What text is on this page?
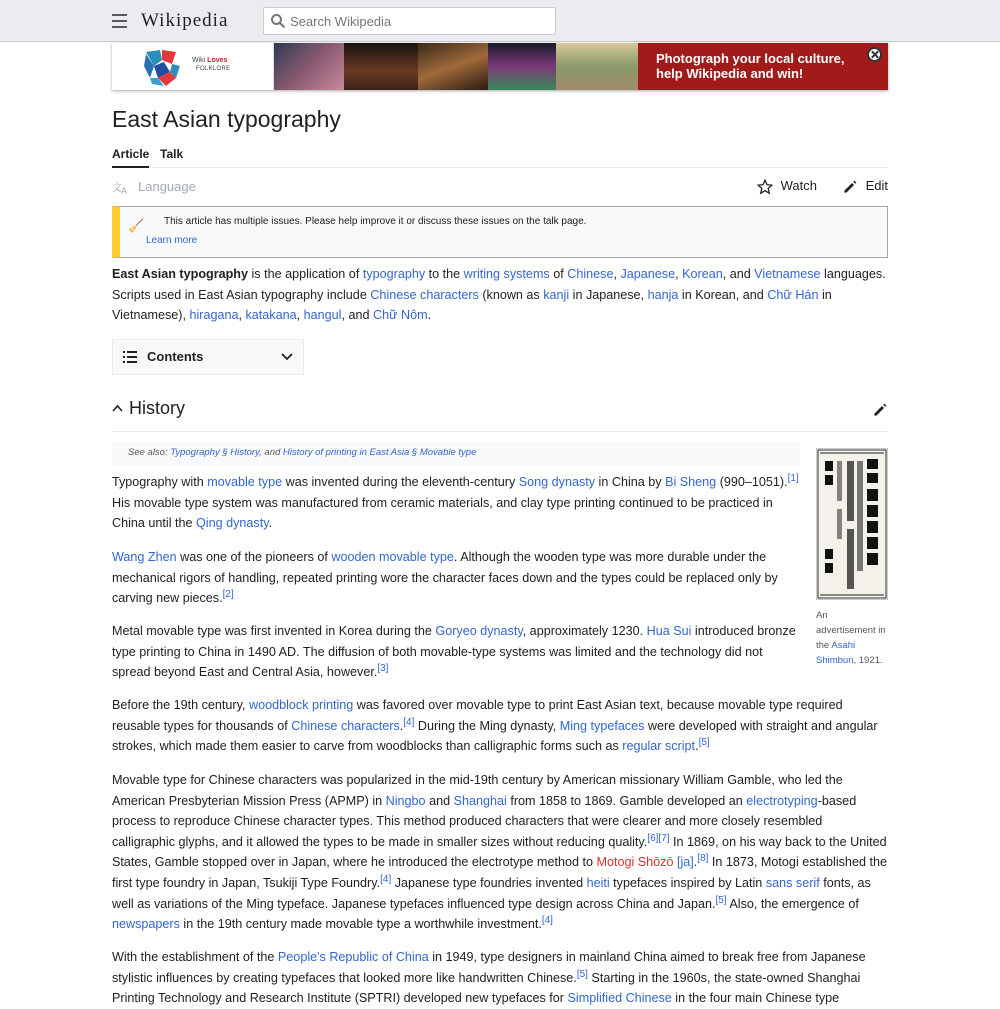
Wikipedia
Search Wikipedia
Wiki Loves
FOLKLORE
Photograph your local culture,
help Wikipedia and win!
East Asian typography
Article Talk
文 A Language	Watch	Edit
🧹 This article has multiple issues. Please help improve it or discuss these issues on the talk page.
Learn more
East Asian typography is the application of typography to the writing systems of Chinese, Japanese, Korean, and Vietnamese languages. Scripts used in East Asian typography include Chinese characters (known as kanji in Japanese, hanja in Korean, and Chữ Hán in Vietnamese), hiragana, katakana, hangul, and Chữ Nôm.
Contents
History
See also: Typography § History, and History of printing in East Asia § Movable type
An advertisement in the Asahi Shimbun, 1921.
Typography with movable type was invented during the eleventh-century Song dynasty in China by Bi Sheng (990–1051).[1] His movable type system was manufactured from ceramic materials, and clay type printing continued to be practiced in China until the Qing dynasty.
Wang Zhen was one of the pioneers of wooden movable type. Although the wooden type was more durable under the mechanical rigors of handling, repeated printing wore the character faces down and the types could be replaced only by carving new pieces.[2]
Metal movable type was first invented in Korea during the Goryeo dynasty, approximately 1230. Hua Sui introduced bronze type printing to China in 1490 AD. The diffusion of both movable-type systems was limited and the technology did not spread beyond East and Central Asia, however.[3]
Before the 19th century, woodblock printing was favored over movable type to print East Asian text, because movable type required reusable types for thousands of Chinese characters.[4] During the Ming dynasty, Ming typefaces were developed with straight and angular strokes, which made them easier to carve from woodblocks than calligraphic forms such as regular script.[5]
Movable type for Chinese characters was popularized in the mid-19th century by American missionary William Gamble, who led the American Presbyterian Mission Press (APMP) in Ningbo and Shanghai from 1858 to 1869. Gamble developed an electrotyping-based process to reproduce Chinese character types. This method produced characters that were clearer and more closely resembled calligraphic glyphs, and it allowed the types to be made in smaller sizes without reducing quality.[6][7] In 1869, on his way back to the United States, Gamble stopped over in Japan, where he introduced the electrotype method to Motogi Shōzō [ja].[8] In 1873, Motogi established the first type foundry in Japan, Tsukiji Type Foundry.[4] Japanese type foundries invented heiti typefaces inspired by Latin sans serif fonts, as well as variations of the Ming typeface. Japanese typefaces influenced type design across China and Japan.[5] Also, the emergence of newspapers in the 19th century made movable type a worthwhile investment.[4]
With the establishment of the People's Republic of China in 1949, type designers in mainland China aimed to break free from Japanese stylistic influences by creating typefaces that looked more like handwritten Chinese.[5] Starting in the 1960s, the state-owned Shanghai Printing Technology and Research Institute (SPTRI) developed new typefaces for Simplified Chinese in the four main Chinese type
